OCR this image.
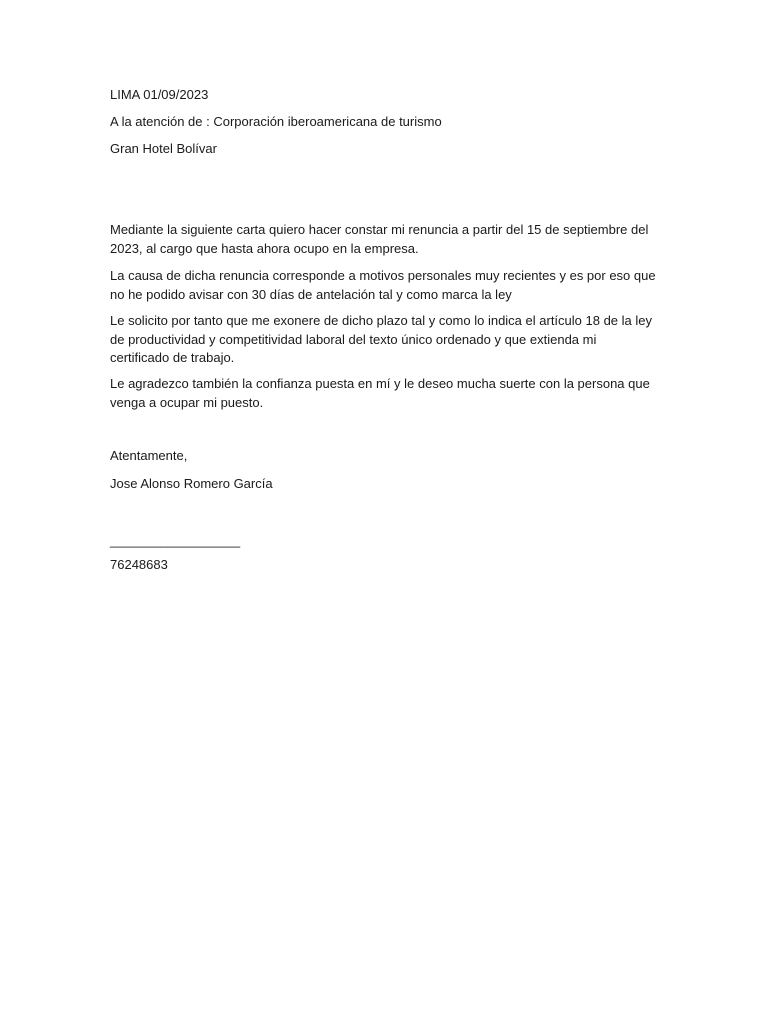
LIMA 01/09/2023

A la atención de : Corporación iberoamericana de turismo

Gran Hotel Bolívar

Mediante la siguiente carta quiero hacer constar mi renuncia a partir del 15 de septiembre del
2023, al cargo que hasta ahora ocupo en la empresa.
La causa de dicha renuncia corresponde a motivos personales muy recientes y es por eso que
no he podido avisar con 30 días de antelación tal y como marca la ley
Le solicito por tanto que me exonere de dicho plazo tal y como lo indica el artículo 18 de la ley
de productividad y competitividad laboral del texto único ordenado y que extienda mi
certificado de trabajo.
Le agradezco también la confianza puesta en mí y le deseo mucha suerte con la persona que
venga a ocupar mi puesto.

Atentamente,

Jose Alonso Romero García

__________________

76248683
